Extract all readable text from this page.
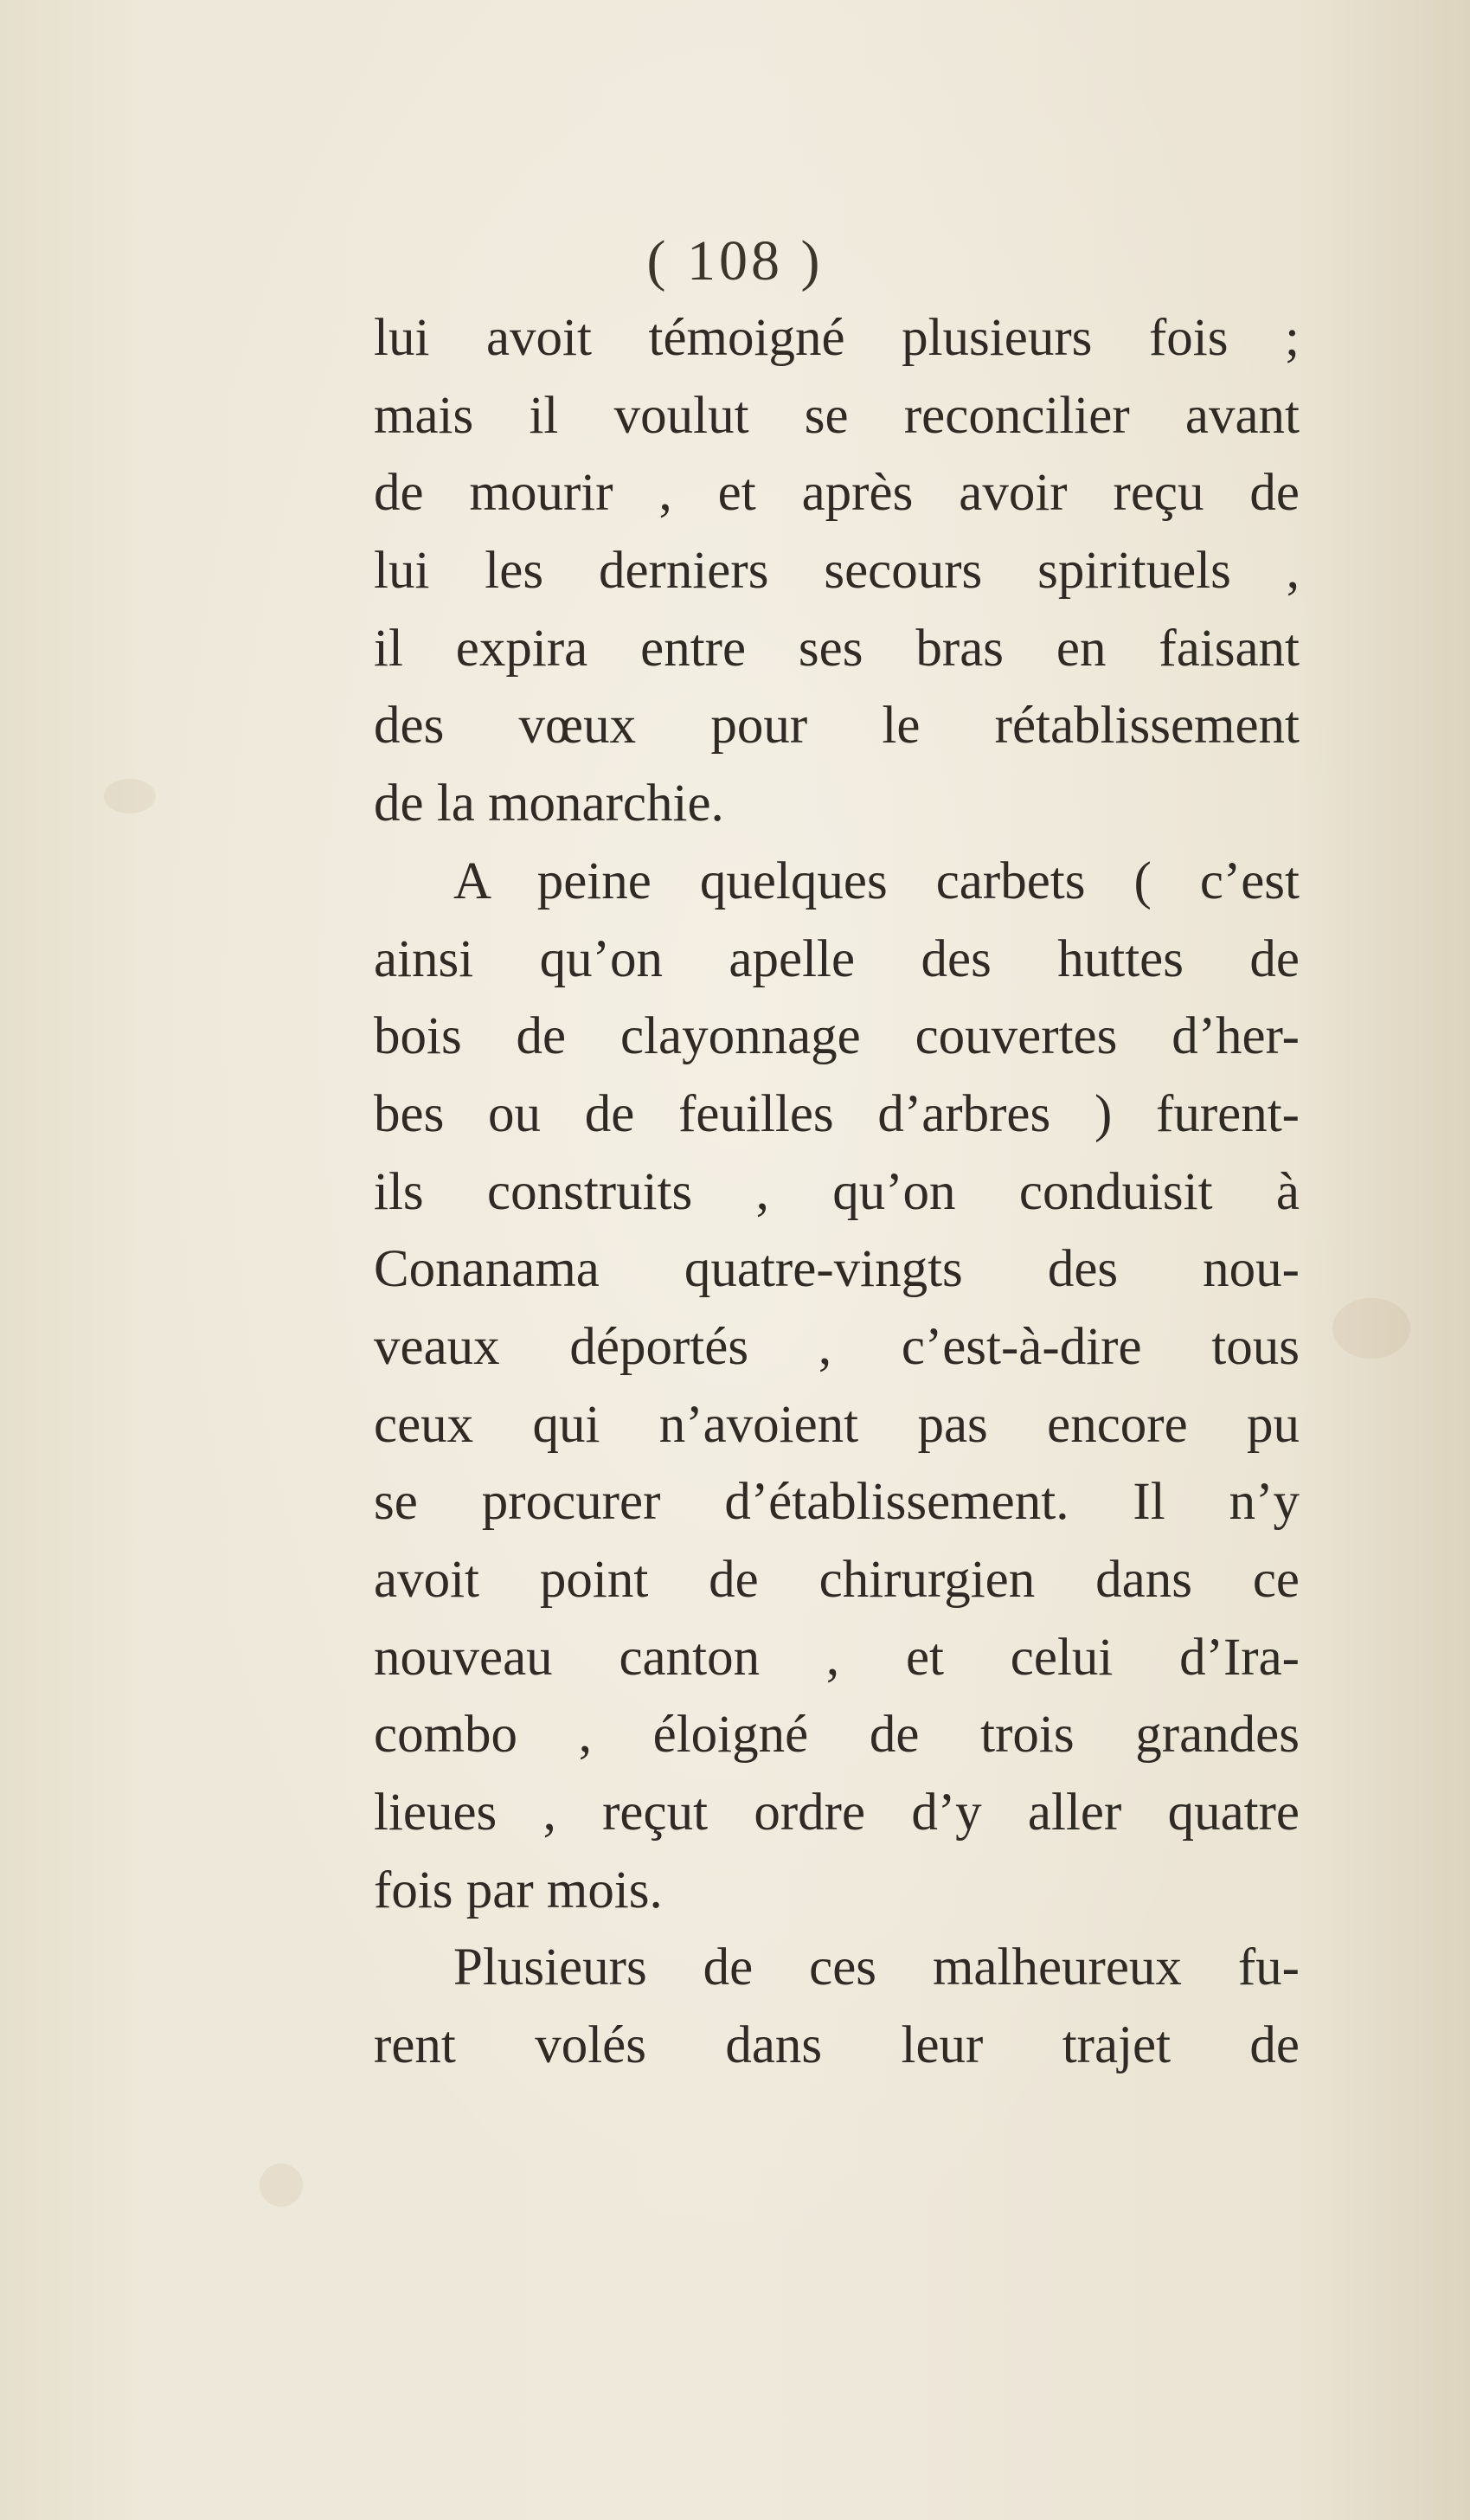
( 108 )
lui avoit témoigné plusieurs fois ;
mais il voulut se reconcilier avant
de mourir , et après avoir reçu de
lui les derniers secours spirituels ,
il expira entre ses bras en faisant
des vœux pour le rétablissement
de la monarchie.
A peine quelques carbets ( c’est
ainsi qu’on apelle des huttes de
bois de clayonnage couvertes d’her-
bes ou de feuilles d’arbres ) furent-
ils construits , qu’on conduisit à
Conanama quatre-vingts des nou-
veaux déportés , c’est-à-dire tous
ceux qui n’avoient pas encore pu
se procurer d’établissement. Il n’y
avoit point de chirurgien dans ce
nouveau canton , et celui d’Ira-
combo , éloigné de trois grandes
lieues , reçut ordre d’y aller quatre
fois par mois.
Plusieurs de ces malheureux fu-
rent volés dans leur trajet de
